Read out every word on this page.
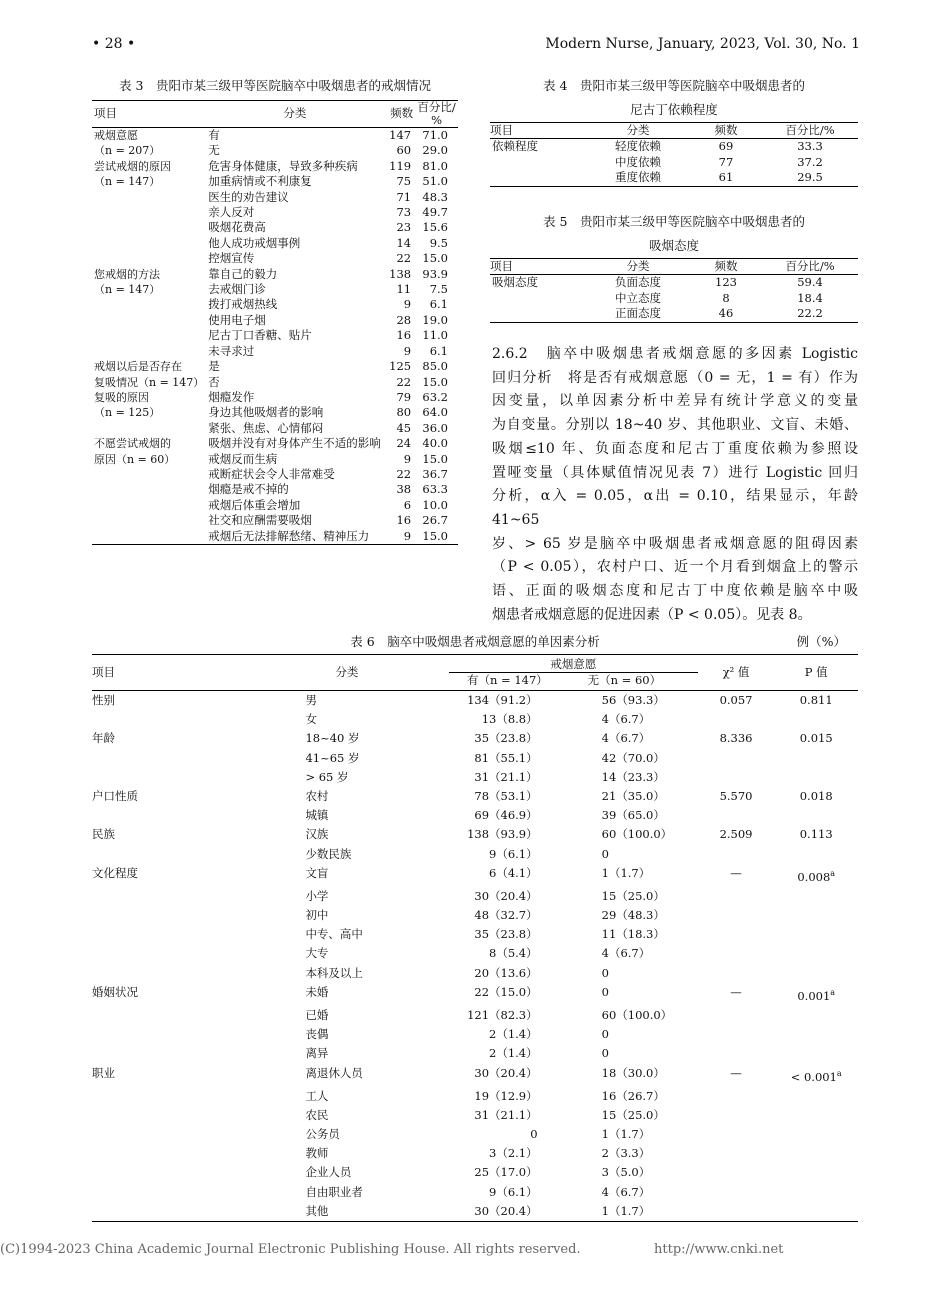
• 28 •	Modern Nurse, January, 2023, Vol. 30, No. 1
表 3　贵阳市某三级甲等医院脑卒中吸烟患者的戒烟情况
项目	分类	频数	百分比/
%

戒烟意愿	有	147	71.0
（n = 207）	无	60	29.0
尝试戒烟的原因	危害身体健康，导致多种疾病	119	81.0
（n = 147）	加重病情或不利康复	75	51.0
	医生的劝告建议	71	48.3
	亲人反对	73	49.7
	吸烟花费高	23	15.6
	他人成功戒烟事例	14	9.5
	控烟宣传	22	15.0
您戒烟的方法	靠自己的毅力	138	93.9
（n = 147）	去戒烟门诊	11	7.5
	拨打戒烟热线	9	6.1
	使用电子烟	28	19.0
	尼古丁口香糖、贴片	16	11.0
	未寻求过	9	6.1
戒烟以后是否存在	是	125	85.0
复吸情况（n = 147）	否	22	15.0
复吸的原因	烟瘾发作	79	63.2
（n = 125）	身边其他吸烟者的影响	80	64.0
	紧张、焦虑、心情郁闷	45	36.0
不愿尝试戒烟的	吸烟并没有对身体产生不适的影响	24	40.0
原因（n = 60）	戒烟反而生病	9	15.0
	戒断症状会令人非常难受	22	36.7
	烟瘾是戒不掉的	38	63.3
	戒烟后体重会增加	6	10.0
	社交和应酬需要吸烟	16	26.7
	戒烟后无法排解愁绪、精神压力	9	15.0
表 4　贵阳市某三级甲等医院脑卒中吸烟患者的
尼古丁依赖程度
项目	分类	频数	百分比/%
依赖程度	轻度依赖	69	33.3
	中度依赖	77	37.2
	重度依赖	61	29.5
表 5　贵阳市某三级甲等医院脑卒中吸烟患者的
吸烟态度
项目	分类	频数	百分比/%
吸烟态度	负面态度	123	59.4
	中立态度	8	18.4
	正面态度	46	22.2

2.6.2　脑卒中吸烟患者戒烟意愿的多因素 Logistic

回归分析　将是否有戒烟意愿（0 = 无，1 = 有）作为

因变量，以单因素分析中差异有统计学意义的变量

为自变量。分别以 18~40 岁、其他职业、文盲、未婚、

吸烟≤10 年、负面态度和尼古丁重度依赖为参照设

置哑变量（具体赋值情况见表 7）进行 Logistic 回归

分析，α入 = 0.05，α出 = 0.10，结果显示，年龄 41~65

岁、> 65 岁是脑卒中吸烟患者戒烟意愿的阻碍因素

（P < 0.05），农村户口、近一个月看到烟盒上的警示

语、正面的吸烟态度和尼古丁中度依赖是脑卒中吸

烟患者戒烟意愿的促进因素（P < 0.05）。见表 8。

表 6　脑卒中吸烟患者戒烟意愿的单因素分析	例（%）
项目	分类	戒烟意愿		χ² 值	P 值
		有（n = 147）	无（n = 60）		
性别	男	134（91.2）	56（93.3）	0.057	0.811
	女	13（8.8）	4（6.7）		
年龄	18~40 岁	35（23.8）	4（6.7）	8.336	0.015
	41~65 岁	81（55.1）	42（70.0）		
	> 65 岁	31（21.1）	14（23.3）		
户口性质	农村	78（53.1）	21（35.0）	5.570	0.018
	城镇	69（46.9）	39（65.0）		
民族	汉族	138（93.9）	60（100.0）	2.509	0.113
	少数民族	9（6.1）	0		
文化程度	文盲	6（4.1）	1（1.7）	—	0.008$^a$
	小学	30（20.4）	15（25.0）		
	初中	48（32.7）	29（48.3）		
	中专、高中	35（23.8）	11（18.3）		
	大专	8（5.4）	4（6.7）		
	本科及以上	20（13.6）	0		
婚姻状况	未婚	22（15.0）	0	—	0.001$^a$
	已婚	121（82.3）	60（100.0）		
	丧偶	2（1.4）	0		
	离异	2（1.4）	0		
职业	离退休人员	30（20.4）	18（30.0）	—	< 0.001$^a$
	工人	19（12.9）	16（26.7）		
	农民	31（21.1）	15（25.0）		
	公务员	0	1（1.7）		
	教师	3（2.1）	2（3.3）		
	企业人员	25（17.0）	3（5.0）		
	自由职业者	9（6.1）	4（6.7）		
	其他	30（20.4）	1（1.7）		
(C)1994-2023 China Academic Journal Electronic Publishing House. All rights reserved.	http://www.cnki.net
